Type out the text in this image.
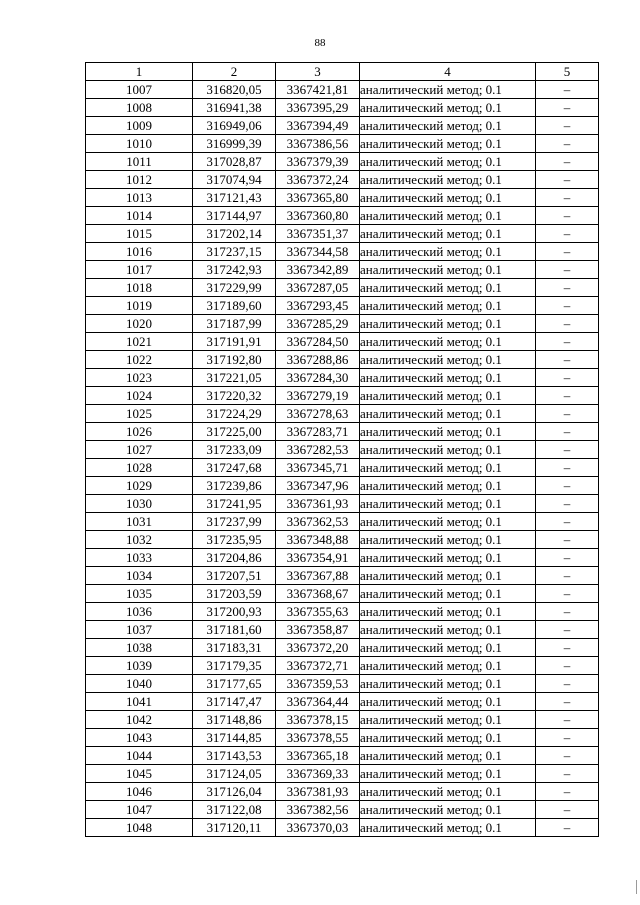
88
1	2	3	4	5
1007	316820,05	3367421,81	аналитический метод; 0.1	–
1008	316941,38	3367395,29	аналитический метод; 0.1	–
1009	316949,06	3367394,49	аналитический метод; 0.1	–
1010	316999,39	3367386,56	аналитический метод; 0.1	–
1011	317028,87	3367379,39	аналитический метод; 0.1	–
1012	317074,94	3367372,24	аналитический метод; 0.1	–
1013	317121,43	3367365,80	аналитический метод; 0.1	–
1014	317144,97	3367360,80	аналитический метод; 0.1	–
1015	317202,14	3367351,37	аналитический метод; 0.1	–
1016	317237,15	3367344,58	аналитический метод; 0.1	–
1017	317242,93	3367342,89	аналитический метод; 0.1	–
1018	317229,99	3367287,05	аналитический метод; 0.1	–
1019	317189,60	3367293,45	аналитический метод; 0.1	–
1020	317187,99	3367285,29	аналитический метод; 0.1	–
1021	317191,91	3367284,50	аналитический метод; 0.1	–
1022	317192,80	3367288,86	аналитический метод; 0.1	–
1023	317221,05	3367284,30	аналитический метод; 0.1	–
1024	317220,32	3367279,19	аналитический метод; 0.1	–
1025	317224,29	3367278,63	аналитический метод; 0.1	–
1026	317225,00	3367283,71	аналитический метод; 0.1	–
1027	317233,09	3367282,53	аналитический метод; 0.1	–
1028	317247,68	3367345,71	аналитический метод; 0.1	–
1029	317239,86	3367347,96	аналитический метод; 0.1	–
1030	317241,95	3367361,93	аналитический метод; 0.1	–
1031	317237,99	3367362,53	аналитический метод; 0.1	–
1032	317235,95	3367348,88	аналитический метод; 0.1	–
1033	317204,86	3367354,91	аналитический метод; 0.1	–
1034	317207,51	3367367,88	аналитический метод; 0.1	–
1035	317203,59	3367368,67	аналитический метод; 0.1	–
1036	317200,93	3367355,63	аналитический метод; 0.1	–
1037	317181,60	3367358,87	аналитический метод; 0.1	–
1038	317183,31	3367372,20	аналитический метод; 0.1	–
1039	317179,35	3367372,71	аналитический метод; 0.1	–
1040	317177,65	3367359,53	аналитический метод; 0.1	–
1041	317147,47	3367364,44	аналитический метод; 0.1	–
1042	317148,86	3367378,15	аналитический метод; 0.1	–
1043	317144,85	3367378,55	аналитический метод; 0.1	–
1044	317143,53	3367365,18	аналитический метод; 0.1	–
1045	317124,05	3367369,33	аналитический метод; 0.1	–
1046	317126,04	3367381,93	аналитический метод; 0.1	–
1047	317122,08	3367382,56	аналитический метод; 0.1	–
1048	317120,11	3367370,03	аналитический метод; 0.1	–
